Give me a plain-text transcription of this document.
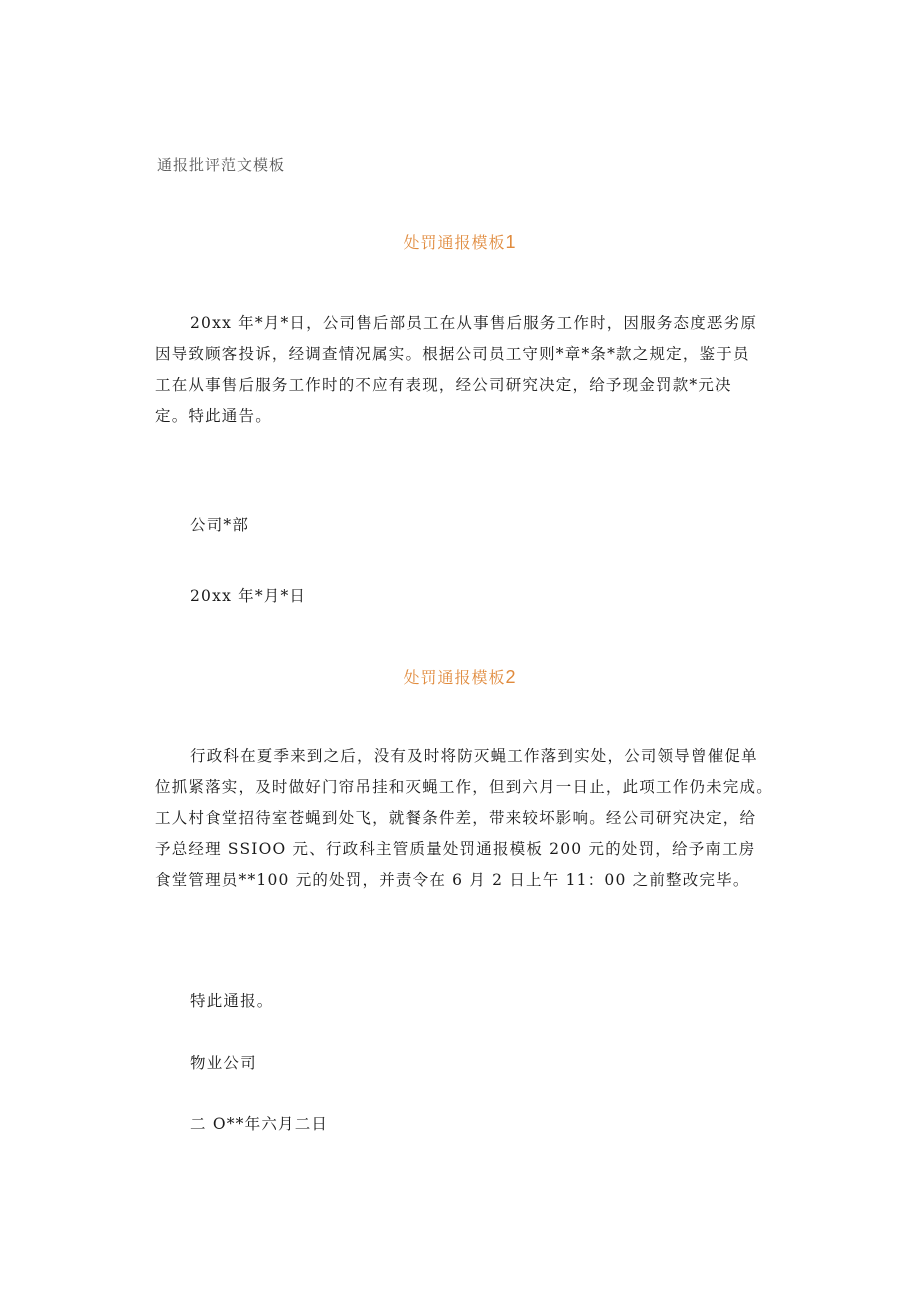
通报批评范文模板
处罚通报模板1
20xx 年*月*日，公司售后部员工在从事售后服务工作时，因服务态度恶劣原
因导致顾客投诉，经调查情况属实。根据公司员工守则*章*条*款之规定，鉴于员
工在从事售后服务工作时的不应有表现，经公司研究决定，给予现金罚款*元决
定。特此通告。
公司*部
20xx 年*月*日
处罚通报模板2
行政科在夏季来到之后，没有及时将防灭蝇工作落到实处，公司领导曾催促单
位抓紧落实，及时做好门帘吊挂和灭蝇工作，但到六月一日止，此项工作仍未完成。
工人村食堂招待室苍蝇到处飞，就餐条件差，带来较坏影响。经公司研究决定，给
予总经理 SSIOO 元、行政科主管质量处罚通报模板 200 元的处罚，给予南工房
食堂管理员**100 元的处罚，并责令在 6 月 2 日上午 11：00 之前整改完毕。
特此通报。
物业公司
二 O**年六月二日
